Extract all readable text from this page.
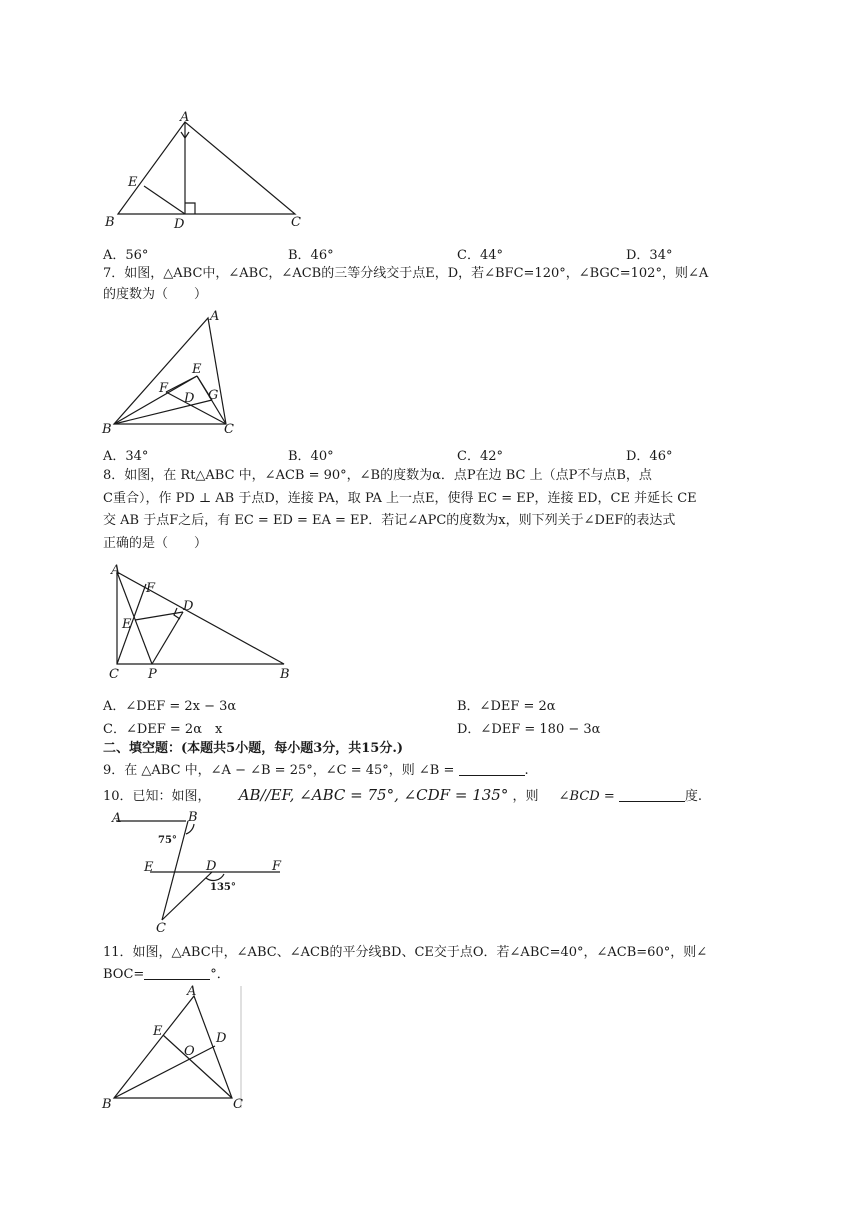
A
E
B	D	C
A．56°	B．46°	C．44°	D．34°
7．如图，△ABC中，∠ABC，∠ACB的三等分线交于点E，D，若∠BFC=120°，∠BGC=102°，则∠A
的度数为（　　）
A
E
F
D G
B	C
A．34°	B．40°	C．42°	D．46°
8．如图，在 Rt△ABC 中，∠ACB = 90°，∠B的度数为α．点P在边 BC 上（点P不与点B，点
C重合），作 PD ⊥ AB 于点D，连接 PA，取 PA 上一点E，使得 EC = EP，连接 ED，CE 并延长 CE
交 AB 于点F之后，有 EC = ED = EA = EP．若记∠APC的度数为x，则下列关于∠DEF的表达式
正确的是（　　）
A
F
D
E
C P	B
A．∠DEF = 2x − 3α	B．∠DEF = 2α
C．∠DEF = 2α　x	D．∠DEF = 180 − 3α
二、填空题：(本题共5小题，每小题3分，共15分.)
9．在 △ABC 中，∠A − ∠B = 25°，∠C = 45°，则 ∠B =	.
10．已知：如图， AB//EF, ∠ABC = 75°, ∠CDF = 135° ，则 ∠BCD =	度.
A	B
E	D	F
C
75°
135°
11．如图，△ABC中，∠ABC、∠ACB的平分线BD、CE交于点O．若∠ABC=40°，∠ACB=60°，则∠
BOC=	°．
A
E	D
O
B	C
